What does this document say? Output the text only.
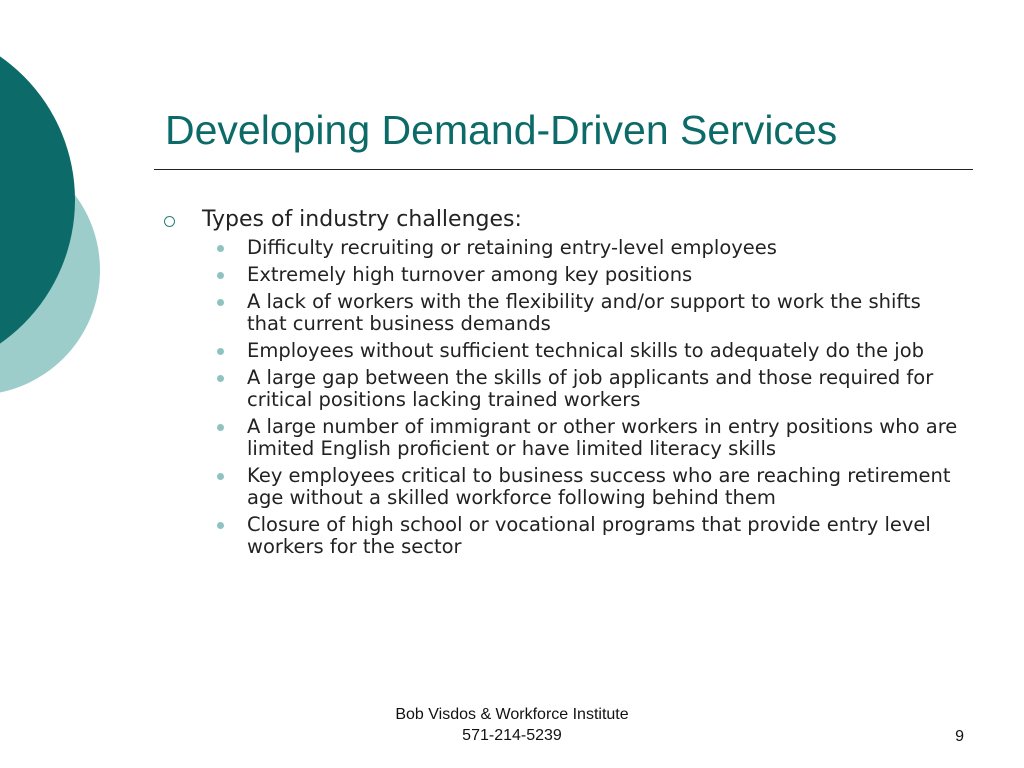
Developing Demand-Driven Services
Types of industry challenges:
Difficulty recruiting or retaining entry-level employees
Extremely high turnover among key positions
A lack of workers with the flexibility and/or support to work the shifts that current business demands
Employees without sufficient technical skills to adequately do the job
A large gap between the skills of job applicants and those required for critical positions lacking trained workers
A large number of immigrant or other workers in entry positions who are limited English proficient or have limited literacy skills
Key employees critical to business success who are reaching retirement age without a skilled workforce following behind them
Closure of high school or vocational programs that provide entry level workers for the sector
Bob Visdos & Workforce Institute
571-214-5239	9
